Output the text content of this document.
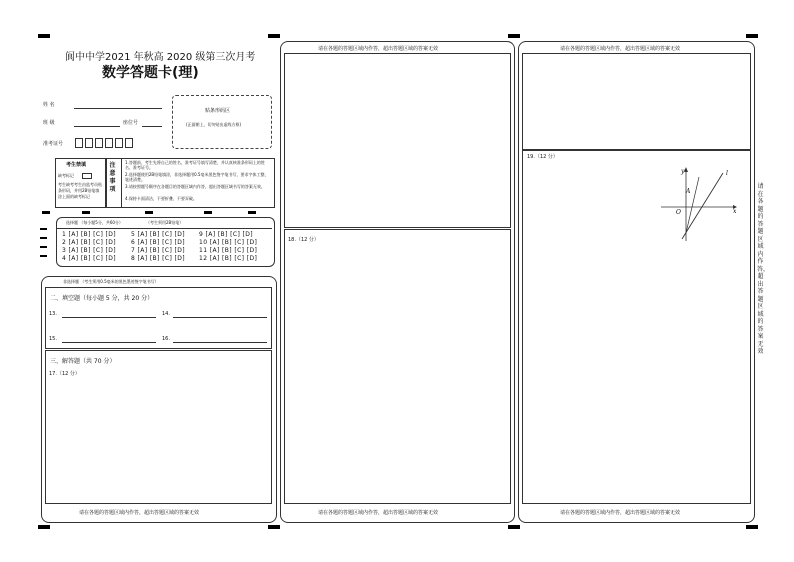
阆中中学2021 年秋高 2020 级第三次月考
数学答题卡(理)
姓 名
班 级	座位号
准考证号
贴条形码区
(正面朝上，切勿贴出虚线方框)
考生禁填
缺考标记
考生缺考考生由监考员贴条形码，并用2B铅笔填涂上面的缺考标记
注意事项
1.答题前，考生先将自己的姓名、准考证号填写清楚，并认真核准条形码上的姓名、准考证号。
2.选择题使用2B铅笔填涂，非选择题用0.5毫米黑色签字笔书写，要求字体工整，笔迹清楚。
3.请按照题号顺序在各题目的答题区域内作答，超出答题区域书写的答案无效。
4.保持卡面清洁，不要折叠、不要弄破。
选择题 （每小题5分，共60分）	（考生须用2B铅笔）
1 [A] [B] [C] [D] 5 [A] [B] [C] [D] 9 [A] [B] [C] [D]
2 [A] [B] [C] [D] 6 [A] [B] [C] [D] 10 [A] [B] [C] [D]
3 [A] [B] [C] [D] 7 [A] [B] [C] [D] 11 [A] [B] [C] [D]
4 [A] [B] [C] [D] 8 [A] [B] [C] [D] 12 [A] [B] [C] [D]
非选择题 （考生须用0.5毫米的黑色墨迹签字笔书写）
二、填空题（每小题 5 分，共 20 分）
13.	14.
15.	16.
三、解答题（共 70 分）
17.（12 分）
请在各题的答题区域内作答，超出答题区域的答案无效
请在各题的答题区域内作答，超出答题区域的答案无效
18.（12 分）
请在各题的答题区域内作答，超出答题区域的答案无效
请在各题的答题区域内作答，超出答题区域的答案无效
19.（12 分）
y
x
O
A
l
请在各题的答题区域内作答，超出答题区域的答案无效
请在各题的答题区域内作答，超出答题区域的答案无效
